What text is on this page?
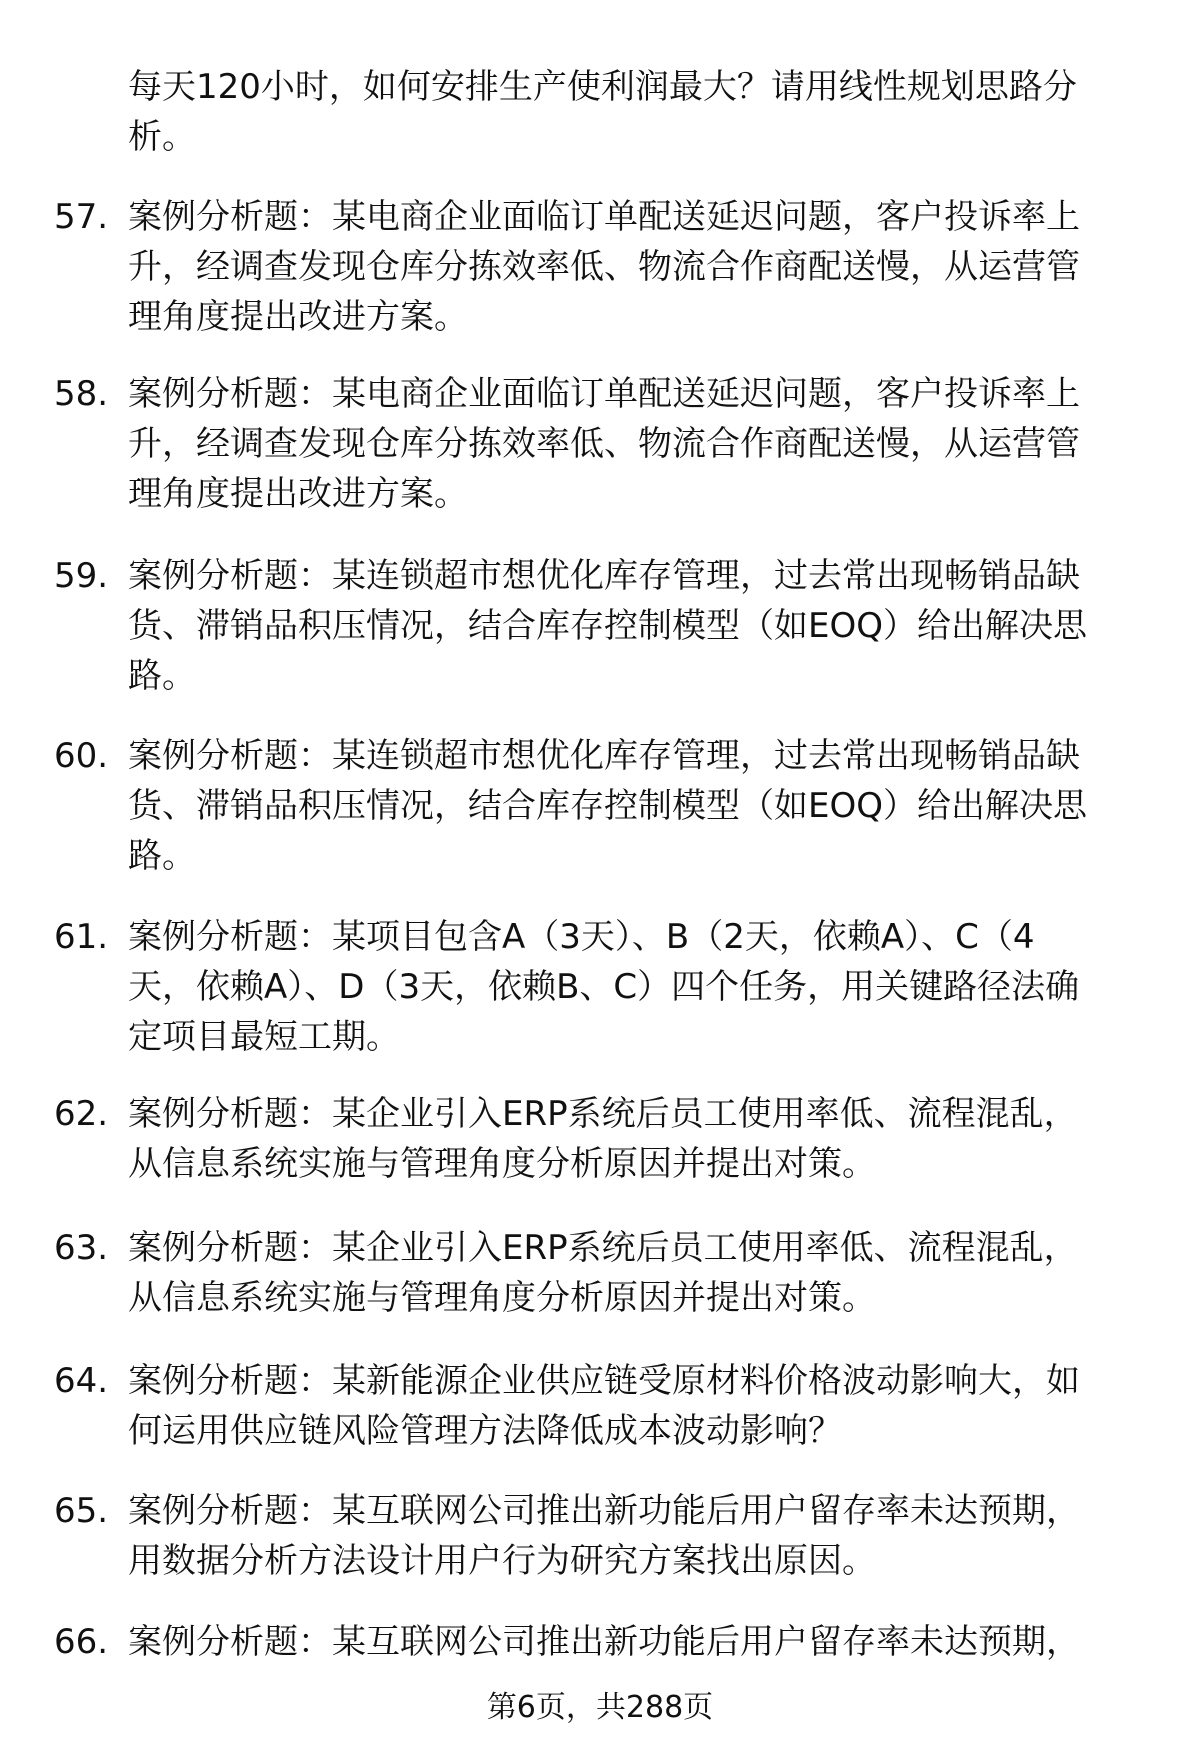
每天120小时，如何安排生产使利润最大？请用线性规划思路分
析。
57. 案例分析题：某电商企业面临订单配送延迟问题，客户投诉率上
升，经调查发现仓库分拣效率低、物流合作商配送慢，从运营管
理角度提出改进方案。
58. 案例分析题：某电商企业面临订单配送延迟问题，客户投诉率上
升，经调查发现仓库分拣效率低、物流合作商配送慢，从运营管
理角度提出改进方案。
59. 案例分析题：某连锁超市想优化库存管理，过去常出现畅销品缺
货、滞销品积压情况，结合库存控制模型（如EOQ）给出解决思
路。
60. 案例分析题：某连锁超市想优化库存管理，过去常出现畅销品缺
货、滞销品积压情况，结合库存控制模型（如EOQ）给出解决思
路。
61. 案例分析题：某项目包含A（3天）、B（2天，依赖A）、C（4
天，依赖A）、D（3天，依赖B、C）四个任务，用关键路径法确
定项目最短工期。
62. 案例分析题：某企业引入ERP系统后员工使用率低、流程混乱，
从信息系统实施与管理角度分析原因并提出对策。
63. 案例分析题：某企业引入ERP系统后员工使用率低、流程混乱，
从信息系统实施与管理角度分析原因并提出对策。
64. 案例分析题：某新能源企业供应链受原材料价格波动影响大，如
何运用供应链风险管理方法降低成本波动影响？
65. 案例分析题：某互联网公司推出新功能后用户留存率未达预期，
用数据分析方法设计用户行为研究方案找出原因。
66. 案例分析题：某互联网公司推出新功能后用户留存率未达预期，
第6页，共288页
